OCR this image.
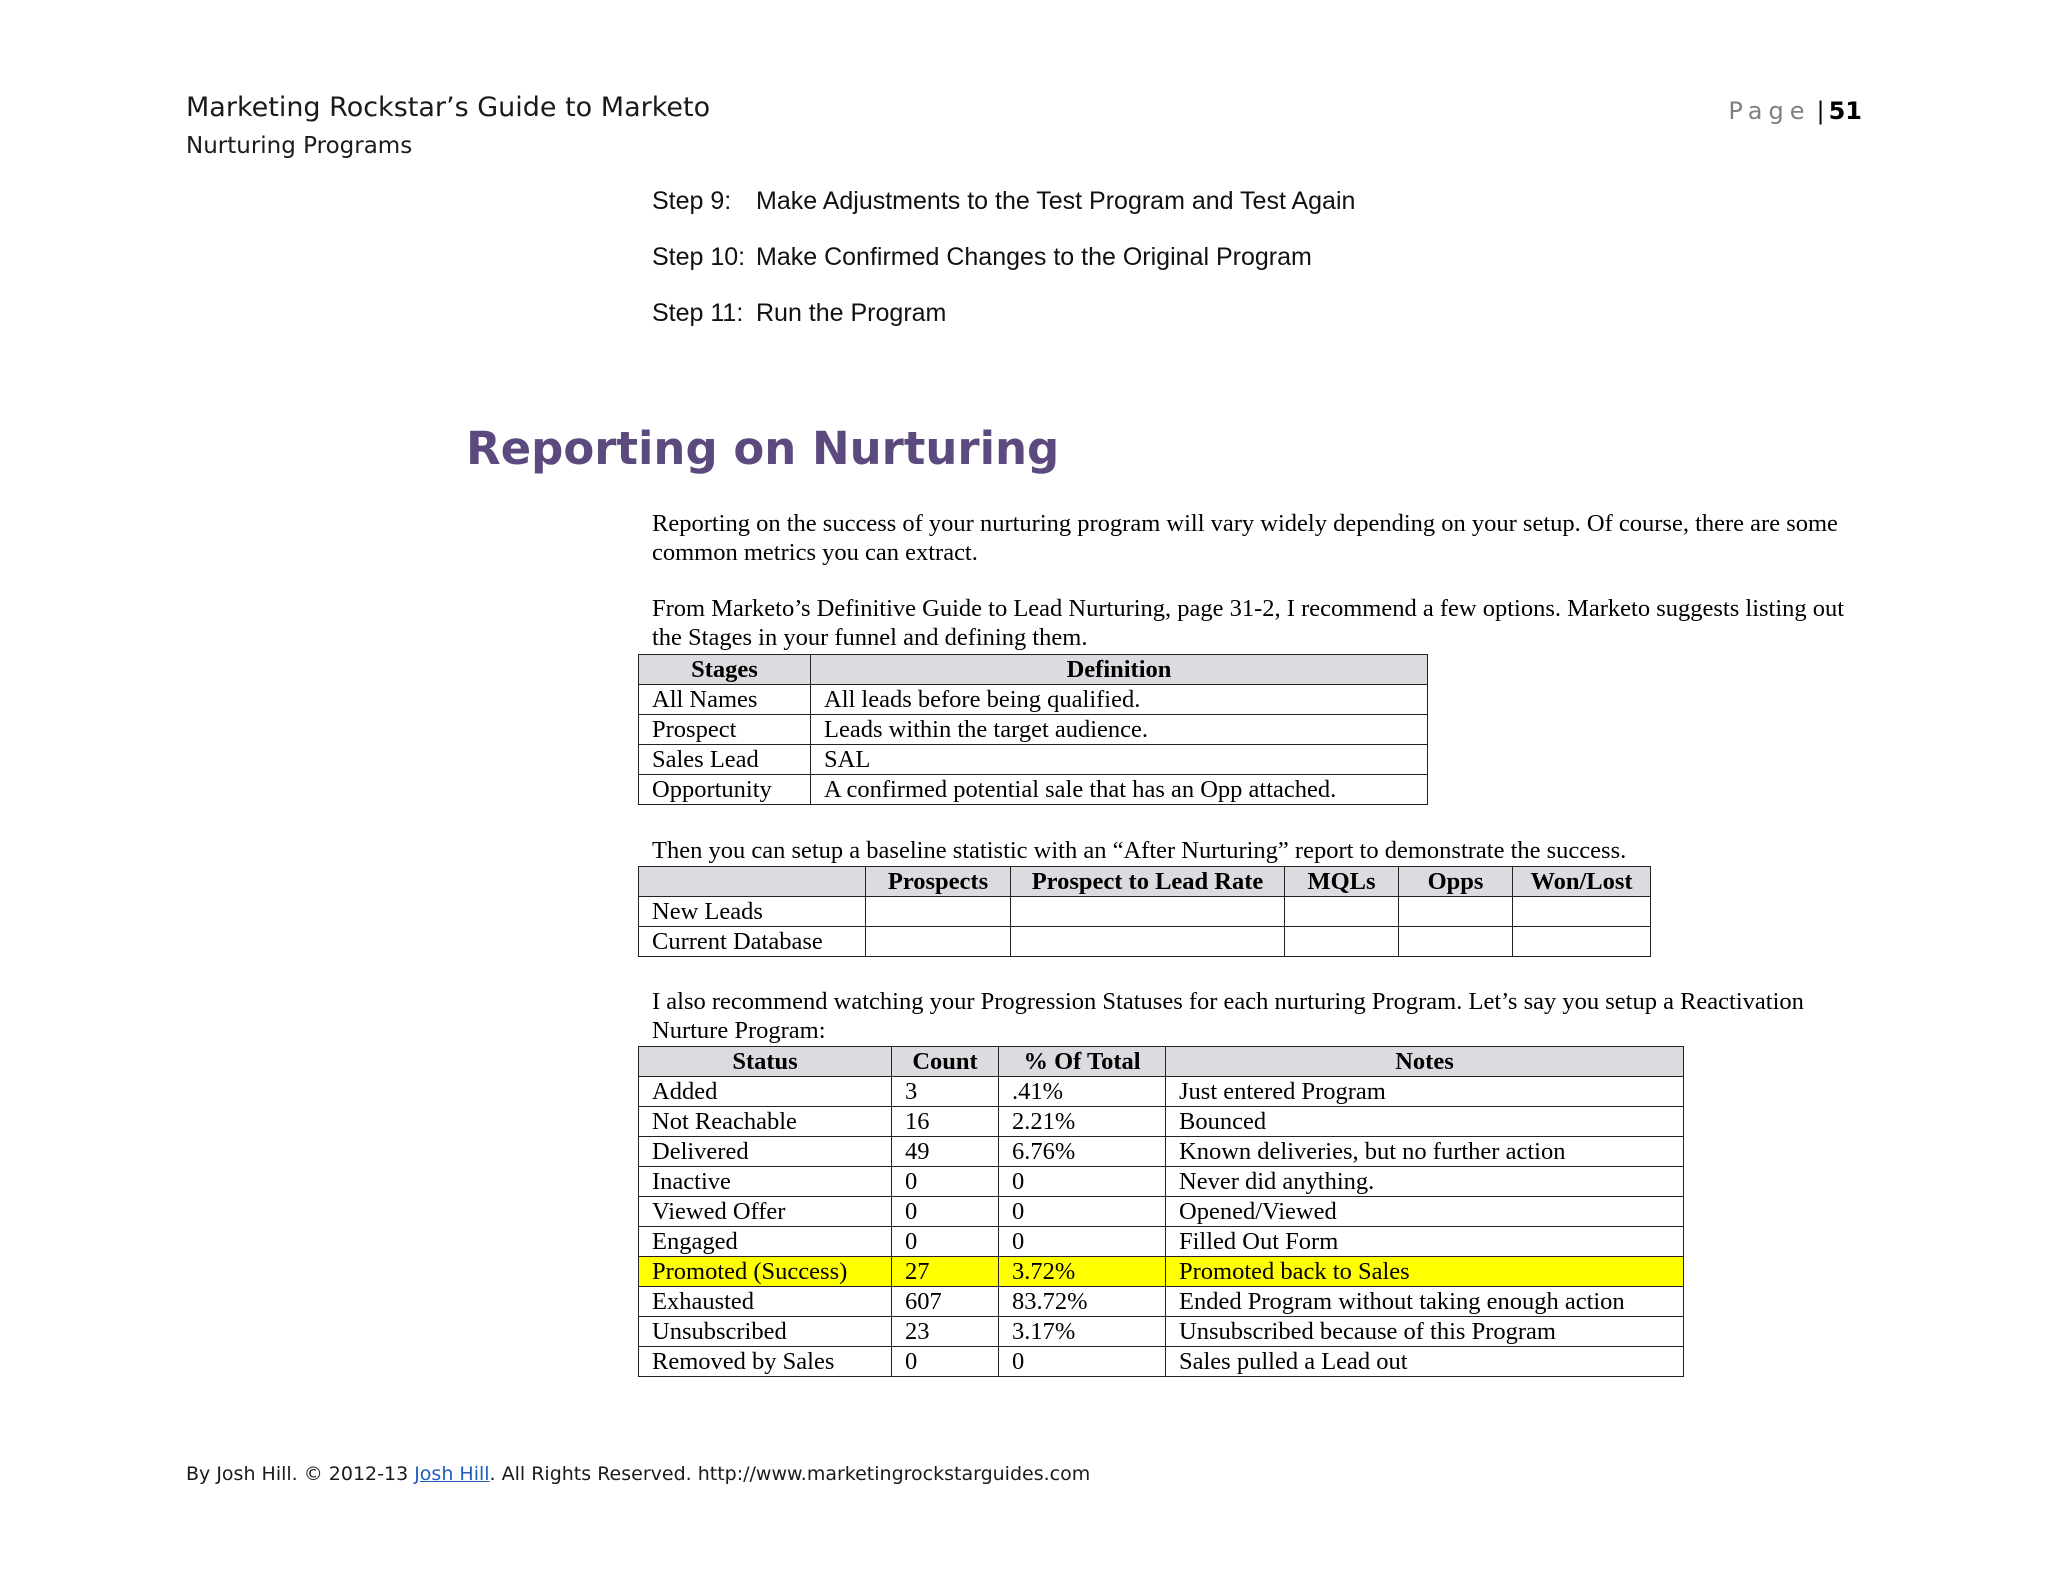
Marketing Rockstar’s Guide to Marketo
Nurturing Programs
Page | 51
Step 9: Make Adjustments to the Test Program and Test Again
Step 10: Make Confirmed Changes to the Original Program
Step 11: Run the Program
Reporting on Nurturing
Reporting on the success of your nurturing program will vary widely depending on your setup. Of course, there are some common metrics you can extract.
From Marketo’s Definitive Guide to Lead Nurturing, page 31-2, I recommend a few options. Marketo suggests listing out the Stages in your funnel and defining them.
Stages	Definition
All Names	All leads before being qualified.
Prospect	Leads within the target audience.
Sales Lead	SAL
Opportunity	A confirmed potential sale that has an Opp attached.
Then you can setup a baseline statistic with an “After Nurturing” report to demonstrate the success.
	Prospects	Prospect to Lead Rate	MQLs	Opps	Won/Lost
New Leads					
Current Database					
I also recommend watching your Progression Statuses for each nurturing Program. Let’s say you setup a Reactivation Nurture Program:
Status	Count	% Of Total	Notes
Added	3	.41%	Just entered Program
Not Reachable	16	2.21%	Bounced
Delivered	49	6.76%	Known deliveries, but no further action
Inactive	0	0	Never did anything.
Viewed Offer	0	0	Opened/Viewed
Engaged	0	0	Filled Out Form
Promoted (Success)	27	3.72%	Promoted back to Sales
Exhausted	607	83.72%	Ended Program without taking enough action
Unsubscribed	23	3.17%	Unsubscribed because of this Program
Removed by Sales	0	0	Sales pulled a Lead out
By Josh Hill. © 2012-13 Josh Hill. All Rights Reserved. http://www.marketingrockstarguides.com
